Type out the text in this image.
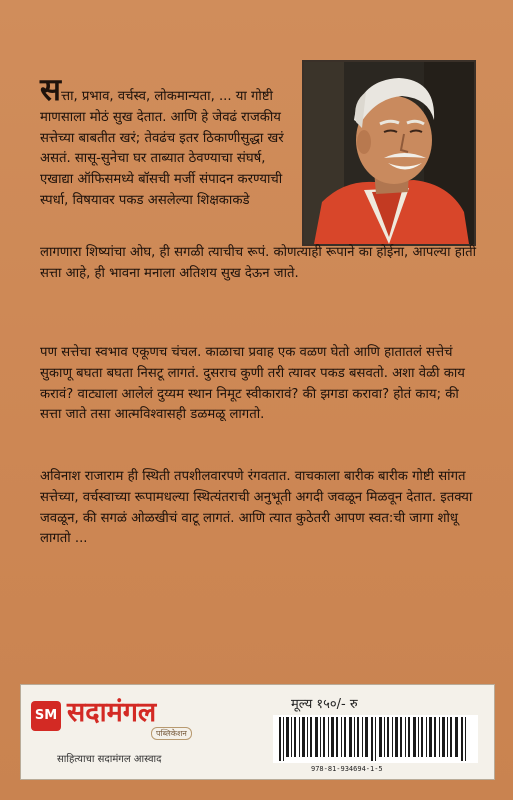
सत्ता, प्रभाव, वर्चस्व, लोकमान्यता, ... या गोष्टी माणसाला मोठं सुख देतात. आणि हे जेवढं राजकीय सत्तेच्या बाबतीत खरं; तेवढंच इतर ठिकाणीसुद्धा खरं असतं. सासू-सुनेचा घर ताब्यात ठेवण्याचा संघर्ष, एखाद्या ऑफिसमध्ये बॉसची मर्जी संपादन करण्याची स्पर्धा, विषयावर पकड असलेल्या शिक्षकाकडे

लागणारा शिष्यांचा ओघ, ही सगळी त्याचीच रूपं. कोणत्याही रूपाने का होईना, आपल्या हाती सत्ता आहे, ही भावना मनाला अतिशय सुख देऊन जाते.

पण सत्तेचा स्वभाव एकूणच चंचल. काळाचा प्रवाह एक वळण घेतो आणि हातातलं सत्तेचं सुकाणू बघता बघता निसटू लागतं. दुसराच कुणी तरी त्यावर पकड बसवतो. अशा वेळी काय करावं? वाट्याला आलेलं दुय्यम स्थान निमूट स्वीकारावं? की झगडा करावा? होतं काय; की सत्ता जाते तसा आत्मविश्वासही डळमळू लागतो.

अविनाश राजाराम ही स्थिती तपशीलवारपणे रंगवतात. वाचकाला बारीक बारीक गोष्टी सांगत सत्तेच्या, वर्चस्वाच्या रूपामधल्या स्थित्यंतराची अनुभूती अगदी जवळून मिळवून देतात. इतक्या जवळून, की सगळं ओळखीचं वाटू लागतं. आणि त्यात कुठेतरी आपण स्वत:ची जागा शोधू लागतो ...

SM सदामंगल
पब्लिकेशन
साहित्याचा सदामंगल आस्वाद
मूल्य १५०/- रु
978-81-934694-1-5
